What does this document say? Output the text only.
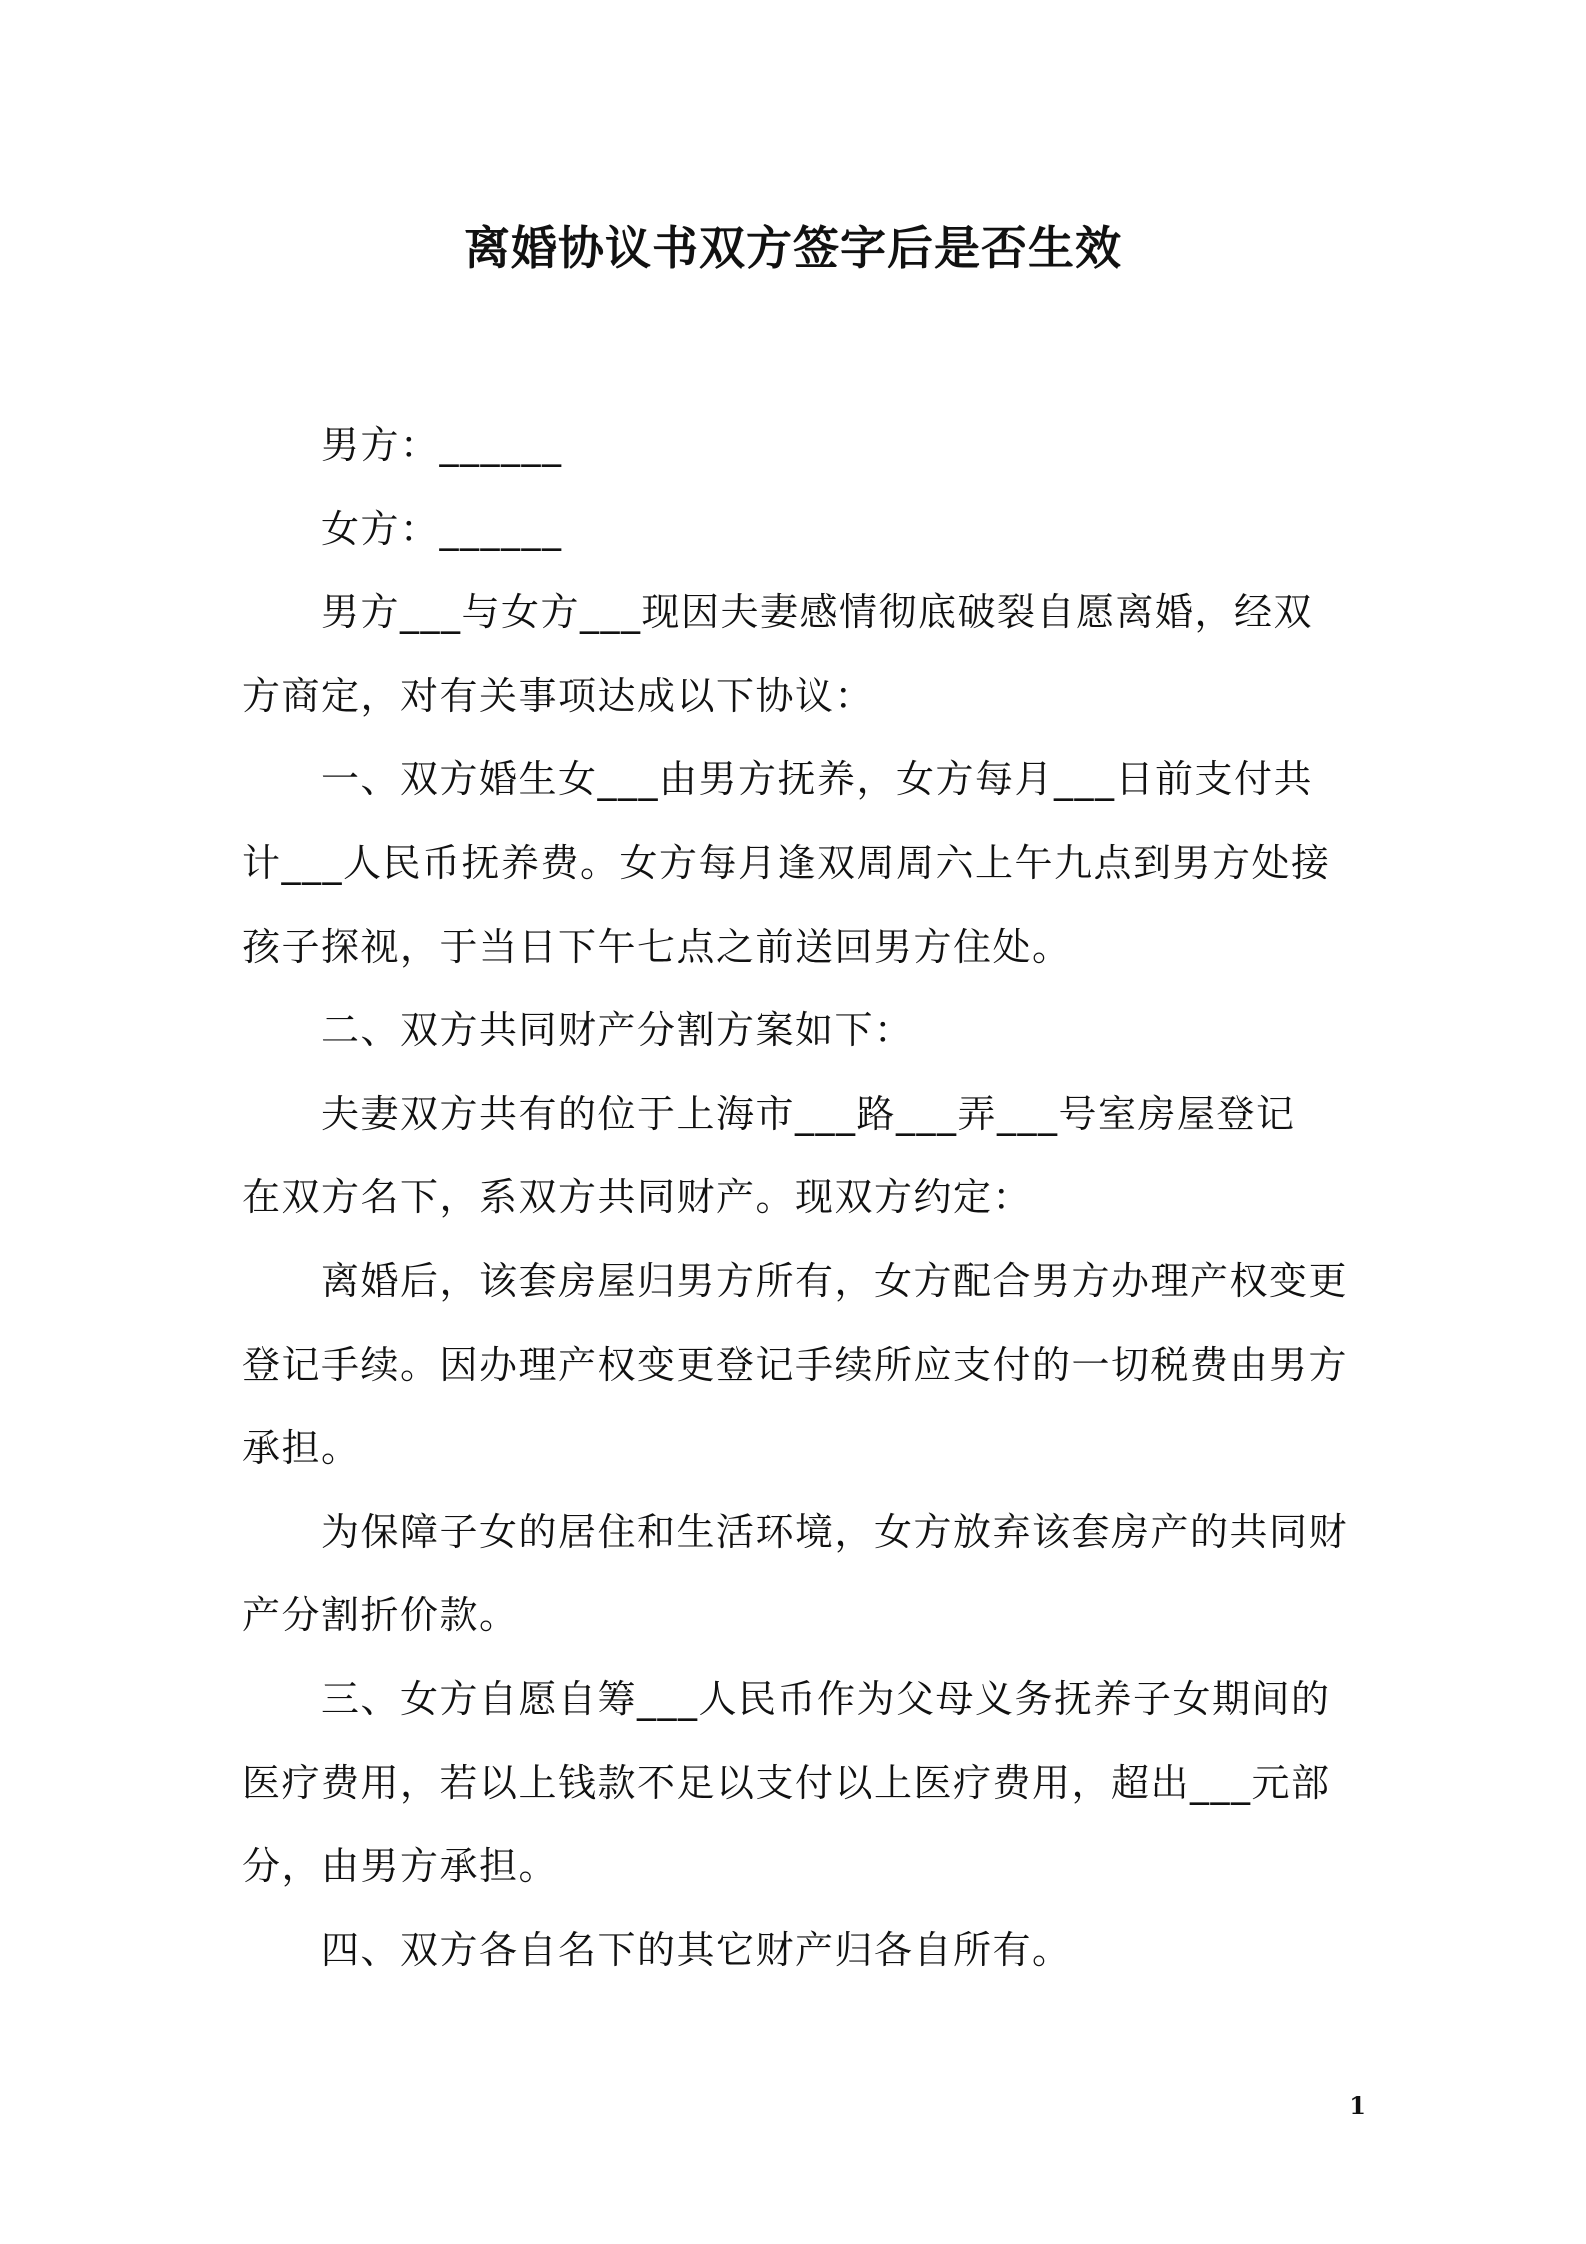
离婚协议书双方签字后是否生效
男方：______
女方：______
男方___与女方___现因夫妻感情彻底破裂自愿离婚，经双
方商定，对有关事项达成以下协议：
一、双方婚生女___由男方抚养，女方每月___日前支付共
计___人民币抚养费。女方每月逢双周周六上午九点到男方处接
孩子探视，于当日下午七点之前送回男方住处。
二、双方共同财产分割方案如下：
夫妻双方共有的位于上海市___路___弄___号室房屋登记
在双方名下，系双方共同财产。现双方约定：
离婚后，该套房屋归男方所有，女方配合男方办理产权变更
登记手续。因办理产权变更登记手续所应支付的一切税费由男方
承担。
为保障子女的居住和生活环境，女方放弃该套房产的共同财
产分割折价款。
三、女方自愿自筹___人民币作为父母义务抚养子女期间的
医疗费用，若以上钱款不足以支付以上医疗费用，超出___元部
分，由男方承担。
四、双方各自名下的其它财产归各自所有。
1
